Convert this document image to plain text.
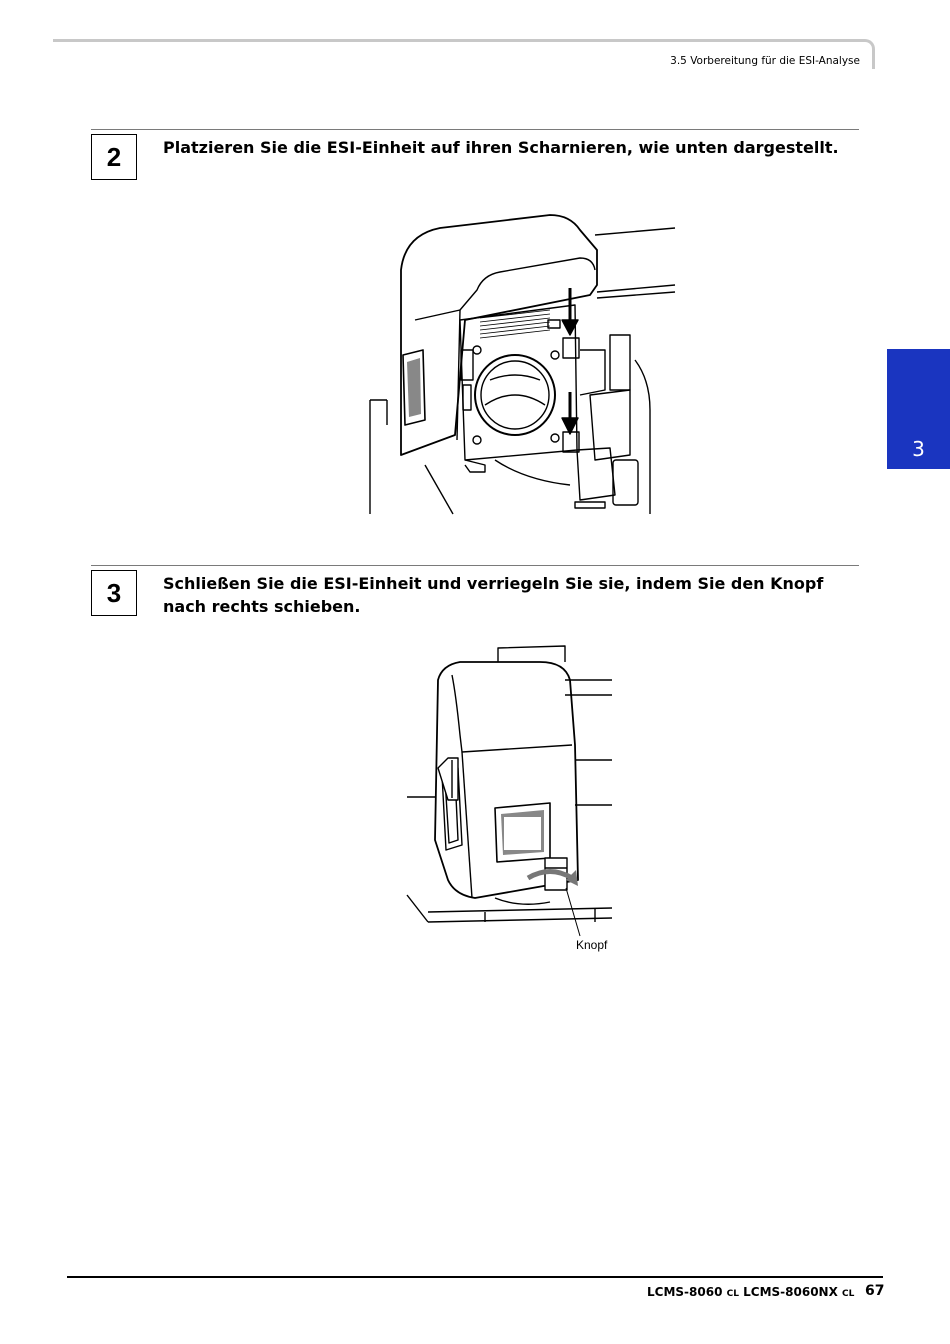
3.5 Vorbereitung für die ESI-Analyse
3
2	Platzieren Sie die ESI-Einheit auf ihren Scharnieren, wie unten dargestellt.
3	Schließen Sie die ESI-Einheit und verriegeln Sie sie, indem Sie den Knopf nach rechts schieben.
Knopf
LCMS-8060 CL LCMS-8060NX CL 67
